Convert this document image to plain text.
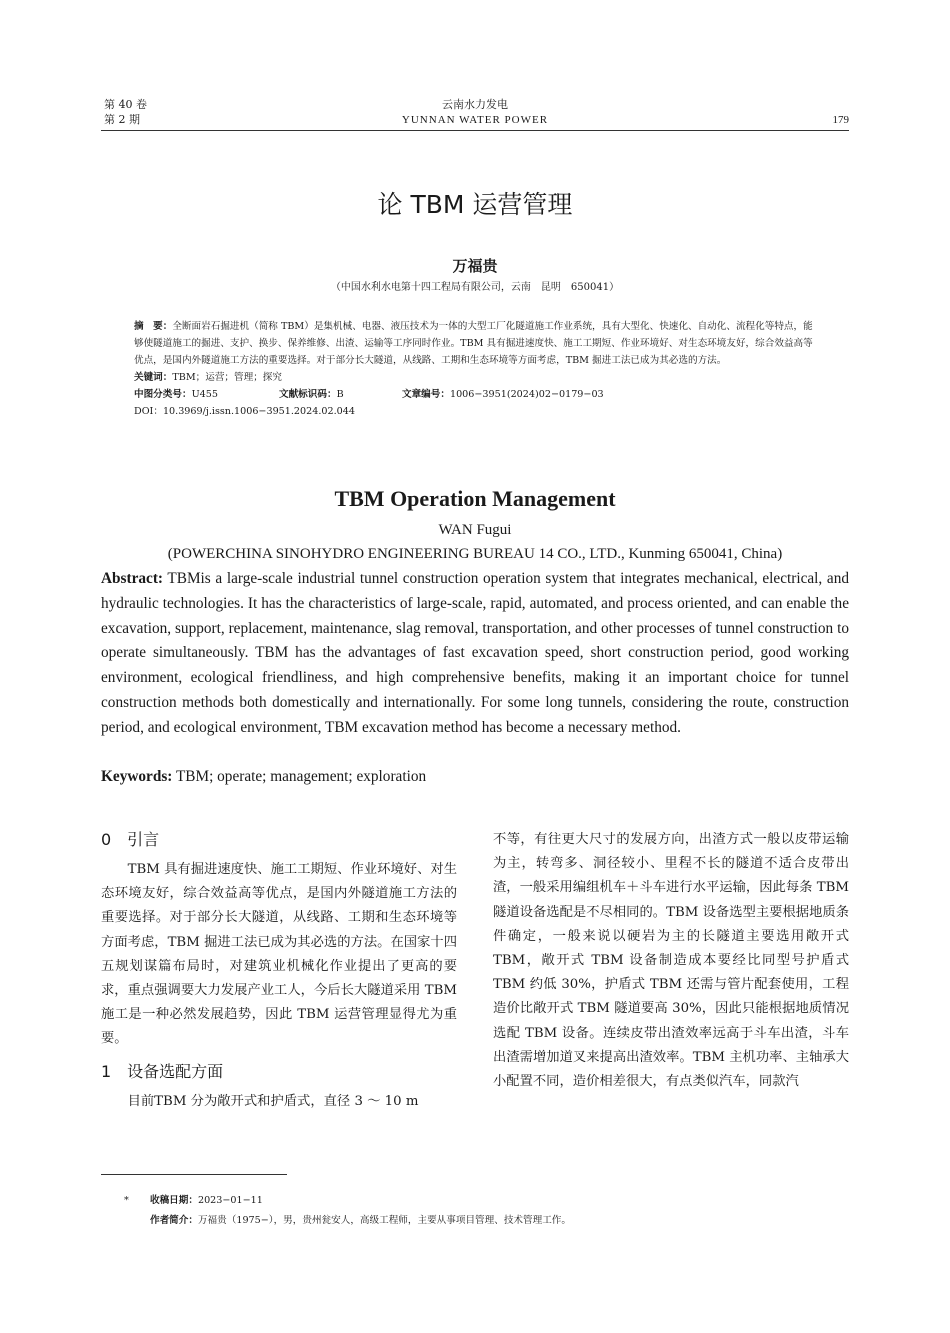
第 40 卷
第 2 期
云南水力发电
YUNNAN WATER POWER	179
论 TBM 运营管理
万福贵
（中国水利水电第十四工程局有限公司，云南　昆明　650041）

摘　要：全断面岩石掘进机（简称 TBM）是集机械、电器、液压技术为一体的大型工厂化隧道施工作业系统，具有大型化、快速化、自动化、流程化等特点，能够使隧道施工的掘进、支护、换步、保养维修、出渣、运输等工序同时作业。TBM 具有掘进速度快、施工工期短、作业环境好、对生态环境友好，综合效益高等优点，是国内外隧道施工方法的重要选择。对于部分长大隧道，从线路、工期和生态环境等方面考虑，TBM 掘进工法已成为其必选的方法。

关键词：TBM；运营；管理；探究

中图分类号：U455	文献标识码：B	文章编号：1006−3951(2024)02−0179−03

DOI：10.3969/j.issn.1006−3951.2024.02.044

TBM Operation Management
WAN Fugui
(POWERCHINA SINOHYDRO ENGINEERING BUREAU 14 CO., LTD., Kunming 650041, China)

Abstract: TBMis a large-scale industrial tunnel construction operation system that integrates mechanical, electrical, and hydraulic technologies. It has the characteristics of large-scale, rapid, automated, and process oriented, and can enable the excavation, support, replacement, maintenance, slag removal, transportation, and other processes of tunnel construction to operate simultaneously. TBM has the advantages of fast excavation speed, short construction period, good working environment, ecological friendliness, and high comprehensive benefits, making it an important choice for tunnel construction methods both domestically and internationally. For some long tunnels, considering the route, construction period, and ecological environment, TBM excavation method has become a necessary method.

Keywords: TBM; operate; management; exploration

0　引言

TBM 具有掘进速度快、施工工期短、作业环境好、对生态环境友好，综合效益高等优点，是国内外隧道施工方法的重要选择。对于部分长大隧道，从线路、工期和生态环境等方面考虑，TBM 掘进工法已成为其必选的方法。在国家十四五规划谋篇布局时，对建筑业机械化作业提出了更高的要求，重点强调要大力发展产业工人，今后长大隧道采用 TBM 施工是一种必然发展趋势，因此 TBM 运营管理显得尤为重要。

1　设备选配方面

目前TBM 分为敞开式和护盾式，直径 3 ～ 10 m

不等，有往更大尺寸的发展方向，出渣方式一般以皮带运输为主，转弯多、洞径较小、里程不长的隧道不适合皮带出渣，一般采用编组机车＋斗车进行水平运输，因此每条 TBM 隧道设备选配是不尽相同的。TBM 设备选型主要根据地质条件确定，一般来说以硬岩为主的长隧道主要选用敞开式 TBM，敞开式 TBM 设备制造成本要经比同型号护盾式 TBM 约低 30%，护盾式 TBM 还需与管片配套使用，工程造价比敞开式 TBM 隧道要高 30%，因此只能根据地质情况选配 TBM 设备。连续皮带出渣效率远高于斗车出渣，斗车出渣需增加道叉来提高出渣效率。TBM 主机功率、主轴承大小配置不同，造价相差很大，有点类似汽车，同款汽

* 收稿日期：2023−01−11
作者简介：万福贵（1975−），男，贵州瓮安人，高级工程师，主要从事项目管理、技术管理工作。
